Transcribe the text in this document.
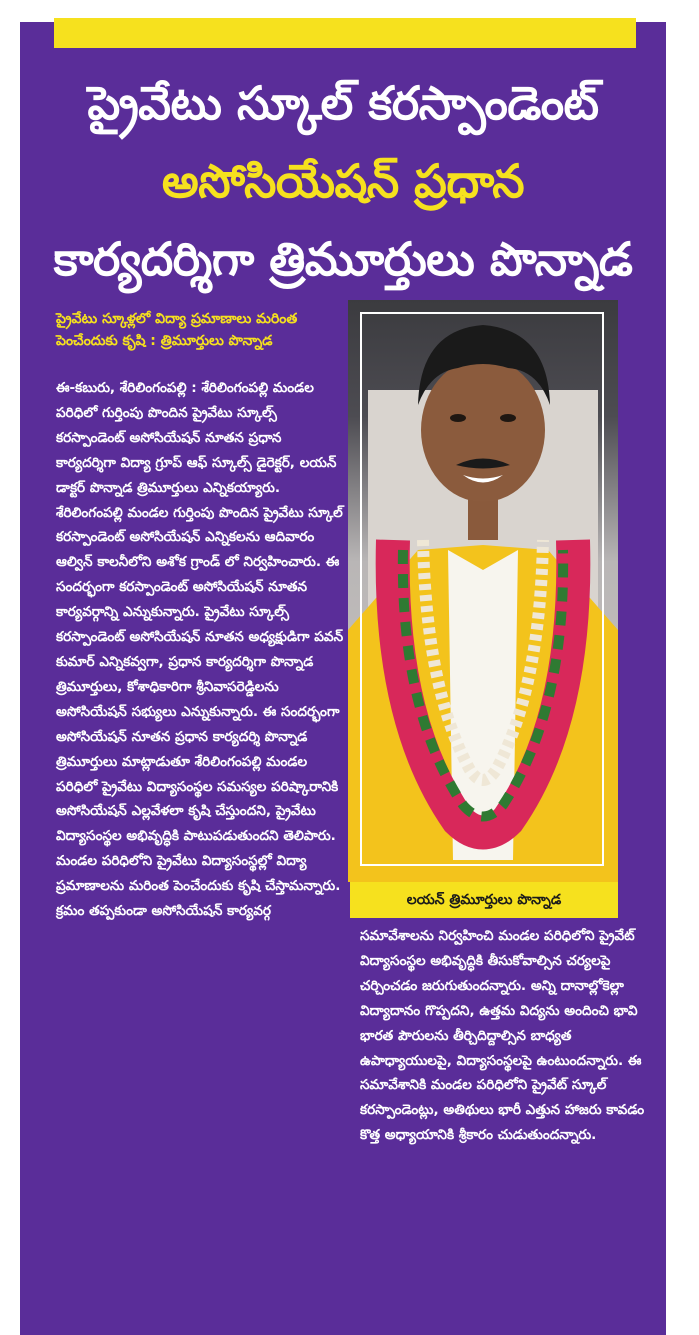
ప్రైవేటు స్కూల్ కరస్పాండెంట్
అసోసియేషన్ ప్రధాన
కార్యదర్శిగా త్రిమూర్తులు పొన్నాడ
ప్రైవేటు స్కూళ్లలో విద్యా ప్రమాణాలు మరింత పెంచేందుకు కృషి : త్రిమూర్తులు పొన్నాడ
ఈ-కబురు, శేరిలింగంపల్లి : శేరిలింగంపల్లి మండల పరిధిలో గుర్తింపు పొందిన ప్రైవేటు స్కూల్స్ కరస్పాండెంట్ అసోసియేషన్ నూతన ప్రధాన కార్యదర్శిగా విద్యా గ్రూప్ ఆఫ్ స్కూల్స్ డైరెక్టర్, లయన్ డాక్టర్ పొన్నాడ త్రిమూర్తులు ఎన్నికయ్యారు. శేరిలింగంపల్లి మండల గుర్తింపు పొందిన ప్రైవేటు స్కూల్ కరస్పాండెంట్ అసోసియేషన్ ఎన్నికలను ఆదివారం ఆల్విన్ కాలనీలోని అశోక గ్రాండ్ లో నిర్వహించారు. ఈ సందర్భంగా కరస్పాండెంట్ అసోసియేషన్ నూతన కార్యవర్గాన్ని ఎన్నుకున్నారు. ప్రైవేటు స్కూల్స్ కరస్పాండెంట్ అసోసియేషన్ నూతన అధ్యక్షుడిగా పవన్ కుమార్ ఎన్నికవ్వగా, ప్రధాన కార్యదర్శిగా పొన్నాడ త్రిమూర్తులు, కోశాధికారిగా శ్రీనివాసరెడ్డిలను అసోసియేషన్ సభ్యులు ఎన్నుకున్నారు. ఈ సందర్భంగా అసోసియేషన్ నూతన ప్రధాన కార్యదర్శి పొన్నాడ త్రిమూర్తులు మాట్లాడుతూ శేరిలింగంపల్లి మండల పరిధిలో ప్రైవేటు విద్యాసంస్థల సమస్యల పరిష్కారానికి అసోసియేషన్ ఎల్లవేళలా కృషి చేస్తుందని, ప్రైవేటు విద్యాసంస్థల అభివృద్ధికి పాటుపడుతుందని తెలిపారు. మండల పరిధిలోని ప్రైవేటు విద్యాసంస్థల్లో విద్యా ప్రమాణాలను మరింత పెంచేందుకు కృషి చేస్తామన్నారు. క్రమం తప్పకుండా అసోసియేషన్ కార్యవర్గ
లయన్ త్రిమూర్తులు పొన్నాడ
సమావేశాలను నిర్వహించి మండల పరిధిలోని ప్రైవేట్ విద్యాసంస్థల అభివృద్ధికి తీసుకోవాల్సిన చర్యలపై చర్చించడం జరుగుతుందన్నారు. అన్ని దానాల్లోకెల్లా విద్యాదానం గొప్పదని, ఉత్తమ విద్యను అందించి భావి భారత పౌరులను తీర్చిదిద్దాల్సిన బాధ్యత ఉపాధ్యాయులపై, విద్యాసంస్థలపై ఉంటుందన్నారు. ఈ సమావేశానికి మండల పరిధిలోని ప్రైవేట్ స్కూల్ కరస్పాండెంట్లు, అతిథులు భారీ ఎత్తున హాజరు కావడం కొత్త అధ్యాయానికి శ్రీకారం చుడుతుందన్నారు.
